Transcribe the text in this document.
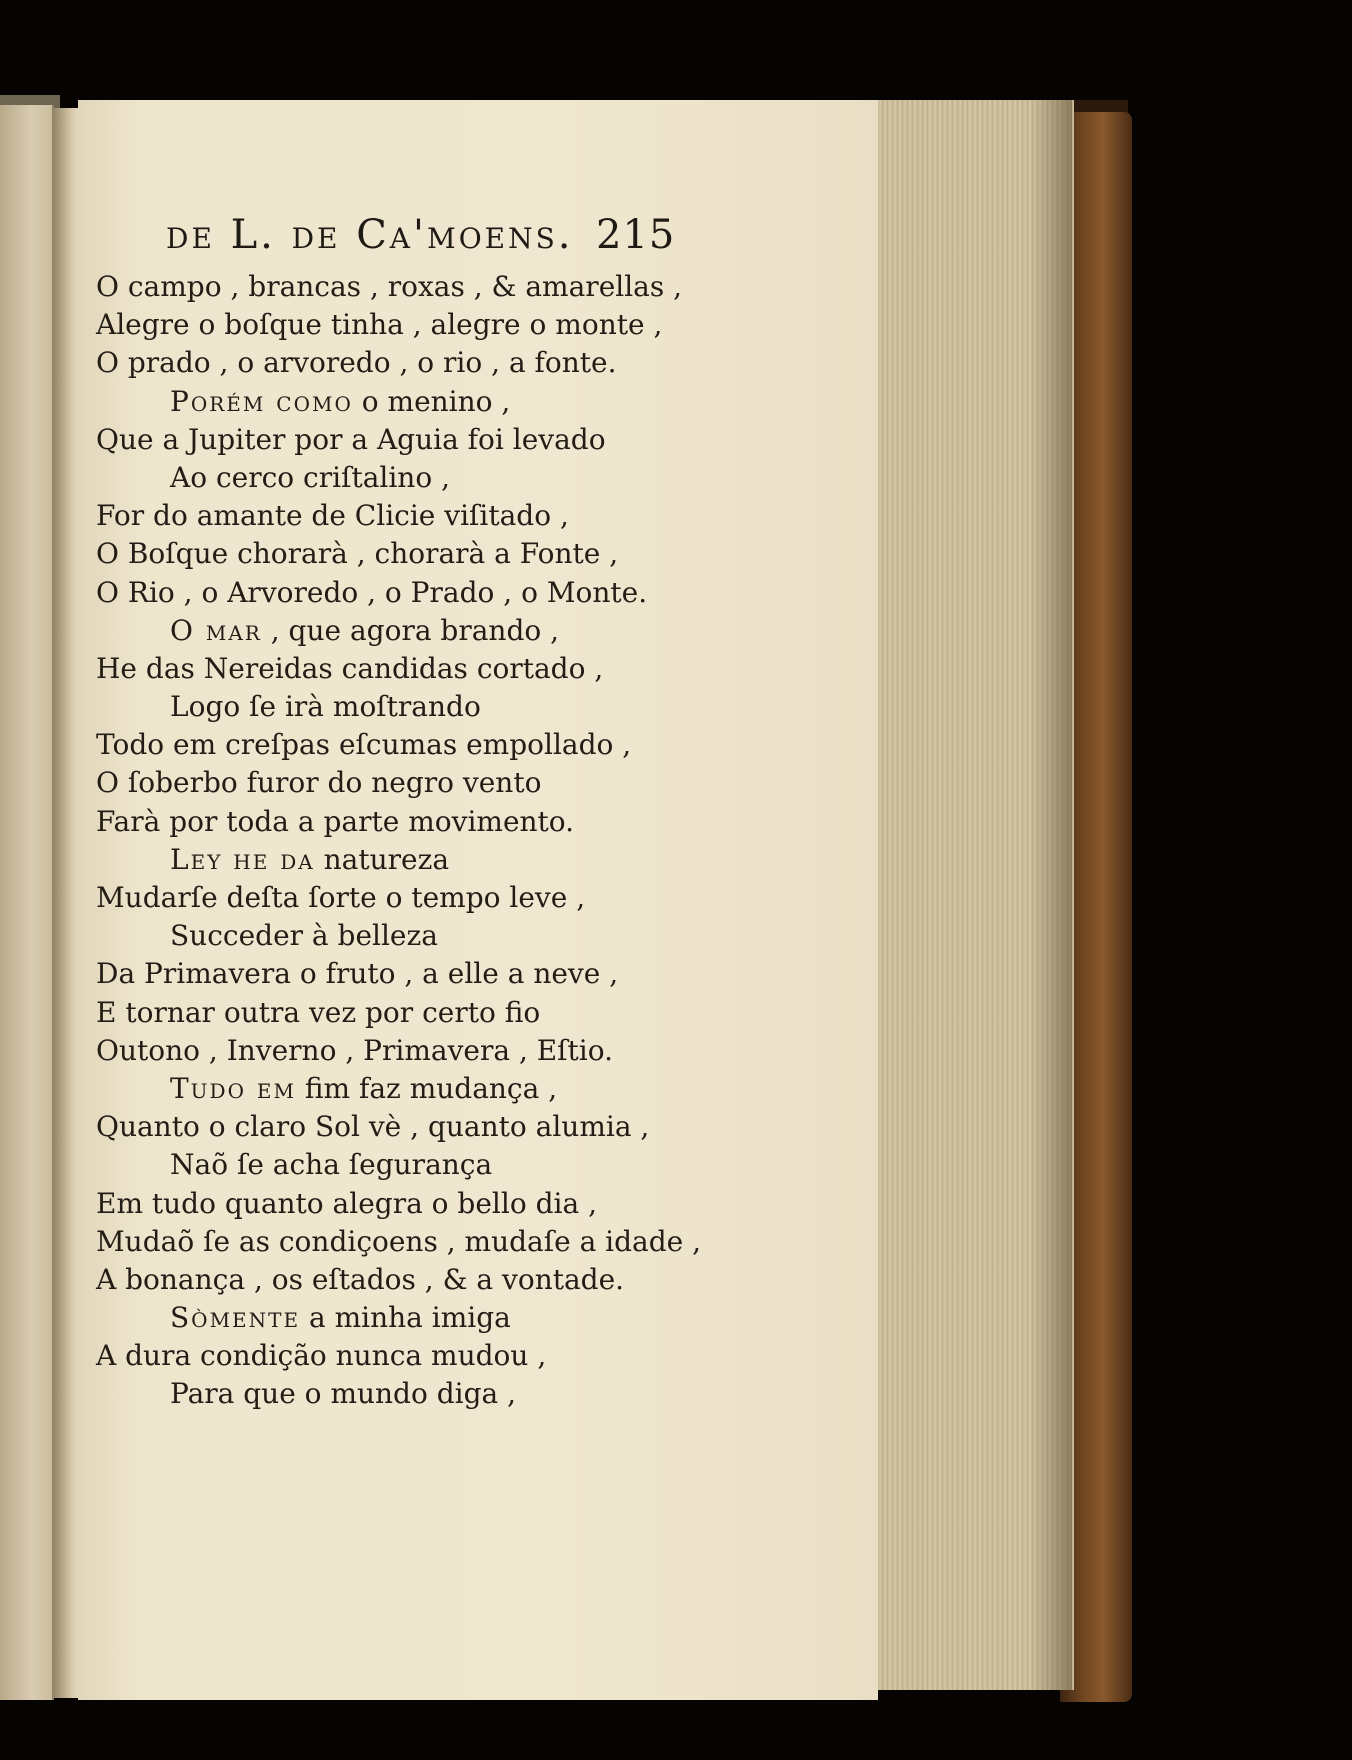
de L. de Ca'moens. 215
O campo , brancas , roxas , & amarellas ,
Alegre o boſque tinha , alegre o monte ,
O prado , o arvoredo , o rio , a fonte.
Porém como o menino ,
Que a Jupiter por a Aguia foi levado
Ao cerco criſtalino ,
For do amante de Clicie viſitado ,
O Boſque chorarà , chorarà a Fonte ,
O Rio , o Arvoredo , o Prado , o Monte.
O mar , que agora brando ,
He das Nereidas candidas cortado ,
Logo ſe irà moſtrando
Todo em creſpas eſcumas empollado ,
O ſoberbo furor do negro vento
Farà por toda a parte movimento.
Ley he da natureza
Mudarſe deſta ſorte o tempo leve ,
Succeder à belleza
Da Primavera o fruto , a elle a neve ,
E tornar outra vez por certo fio
Outono , Inverno , Primavera , Eſtio.
Tudo em fim faz mudança ,
Quanto o claro Sol vè , quanto alumia ,
Naõ ſe acha ſegurança
Em tudo quanto alegra o bello dia ,
Mudaõ ſe as condiçoens , mudaſe a idade ,
A bonança , os eſtados , & a vontade.
Sòmente a minha imiga
A dura condição nunca mudou ,
Para que o mundo diga ,
